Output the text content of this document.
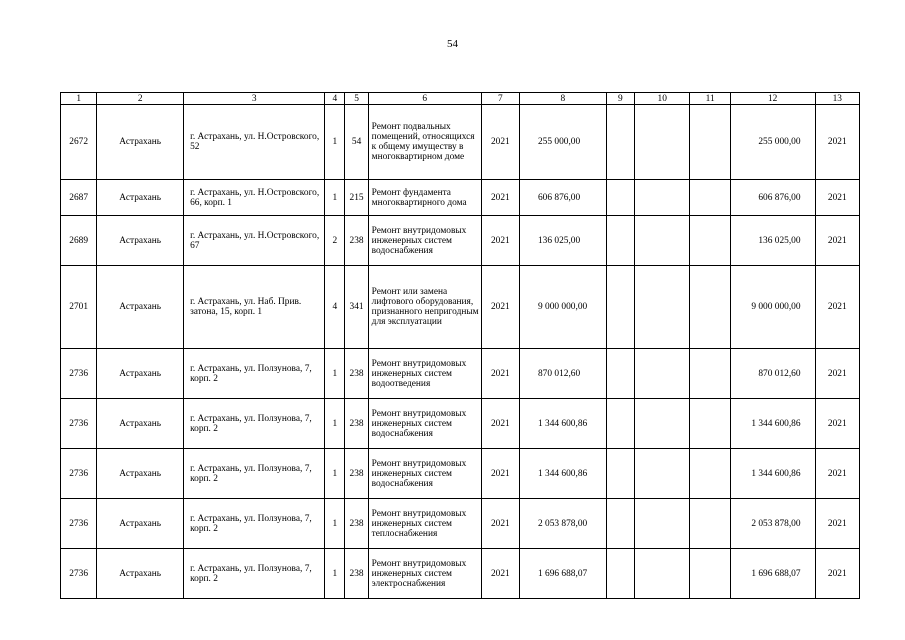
54
1	2	3	4	5	6	7	8	9	10	11	12	13
2672	Астрахань	г. Астрахань, ул. Н.Островского, 52	1	54	Ремонт подвальных помещений, относящихся к общему имуществу в многоквартирном доме	2021	255 000,00				255 000,00	2021
2687	Астрахань	г. Астрахань, ул. Н.Островского, 66, корп. 1	1	215	Ремонт фундамента многоквартирного дома	2021	606 876,00				606 876,00	2021
2689	Астрахань	г. Астрахань, ул. Н.Островского, 67	2	238	Ремонт внутридомовых инженерных систем водоснабжения	2021	136 025,00				136 025,00	2021
2701	Астрахань	г. Астрахань, ул. Наб. Прив. затона, 15, корп. 1	4	341	Ремонт или замена лифтового оборудования, признанного непригодным для эксплуатации	2021	9 000 000,00				9 000 000,00	2021
2736	Астрахань	г. Астрахань, ул. Ползунова, 7, корп. 2	1	238	Ремонт внутридомовых инженерных систем водоотведения	2021	870 012,60				870 012,60	2021
2736	Астрахань	г. Астрахань, ул. Ползунова, 7, корп. 2	1	238	Ремонт внутридомовых инженерных систем водоснабжения	2021	1 344 600,86				1 344 600,86	2021
2736	Астрахань	г. Астрахань, ул. Ползунова, 7, корп. 2	1	238	Ремонт внутридомовых инженерных систем водоснабжения	2021	1 344 600,86				1 344 600,86	2021
2736	Астрахань	г. Астрахань, ул. Ползунова, 7, корп. 2	1	238	Ремонт внутридомовых инженерных систем теплоснабжения	2021	2 053 878,00				2 053 878,00	2021
2736	Астрахань	г. Астрахань, ул. Ползунова, 7, корп. 2	1	238	Ремонт внутридомовых инженерных систем электроснабжения	2021	1 696 688,07				1 696 688,07	2021
